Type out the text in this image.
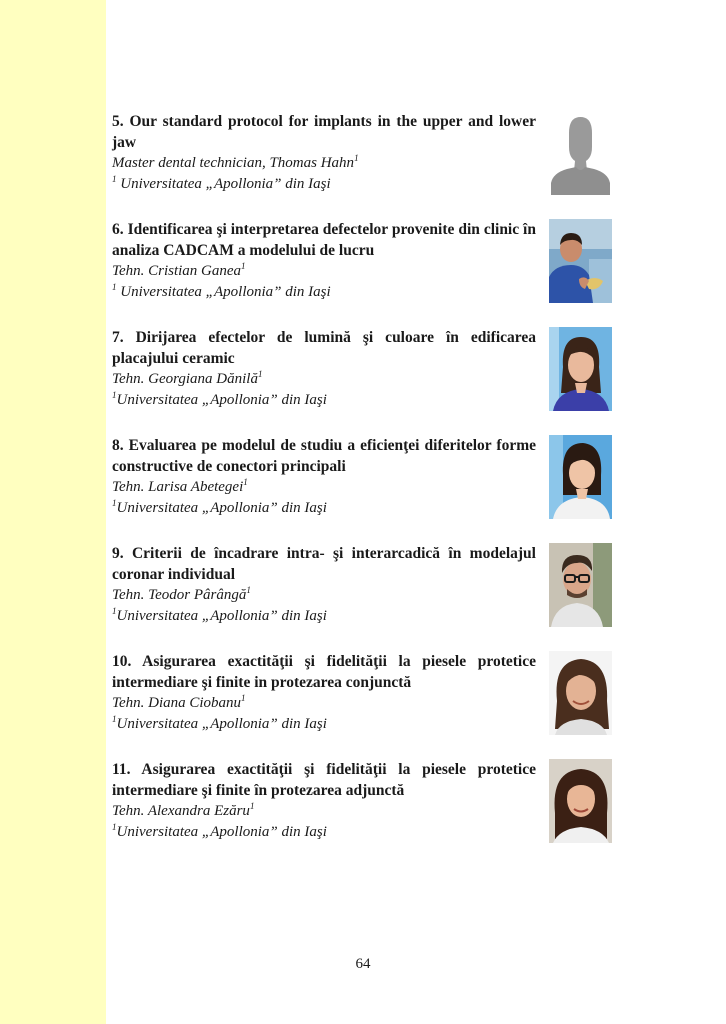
5. Our standard protocol for implants in the upper and lower jaw

Master dental technician, Thomas Hahn$^1$

$^1$ Universitatea „Apollonia” din Iaşi

6. Identificarea şi interpretarea defectelor provenite din clinic în analiza CADCAM a modelului de lucru

Tehn. Cristian Ganea$^1$

$^1$ Universitatea „Apollonia” din Iaşi

7. Dirijarea efectelor de lumină şi culoare în edificarea placajului ceramic

Tehn. Georgiana Dănilă$^1$

$^1$Universitatea „Apollonia” din Iaşi

8. Evaluarea pe modelul de studiu a eficienţei diferitelor forme constructive de conectori principali

Tehn. Larisa Abetegei$^1$

$^1$Universitatea „Apollonia” din Iaşi

9. Criterii de încadrare intra- şi interarcadică în modelajul coronar individual

Tehn. Teodor Pârângă$^1$

$^1$Universitatea „Apollonia” din Iaşi

10. Asigurarea exactităţii şi fidelităţii la piesele protetice intermediare şi finite in protezarea conjunctă

Tehn. Diana Ciobanu$^1$

$^1$Universitatea „Apollonia” din Iaşi

11. Asigurarea exactităţii şi fidelităţii la piesele protetice intermediare şi finite în protezarea adjunctă

Tehn. Alexandra Ezăru$^1$

$^1$Universitatea „Apollonia” din Iaşi

64
